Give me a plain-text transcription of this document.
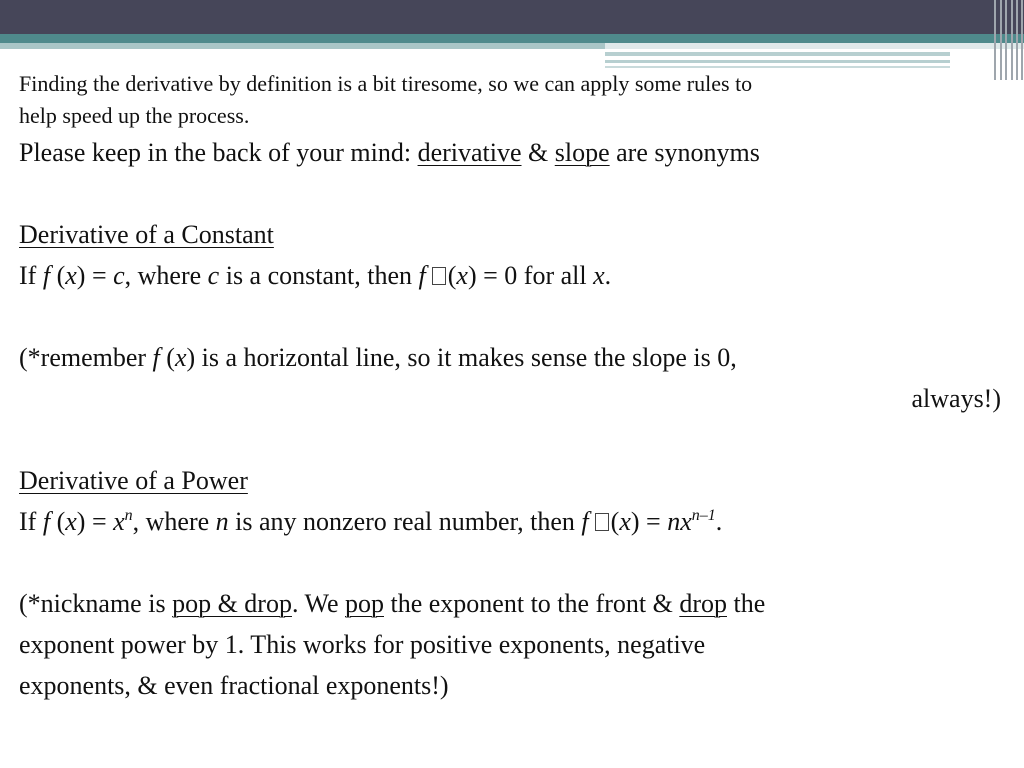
Finding the derivative by definition is a bit tiresome, so we can apply some rules to
help speed up the process.
Please keep in the back of your mind: derivative & slope are synonyms
Derivative of a Constant
If f (x) = c, where c is a constant, then f (x) = 0 for all x.
(*remember f (x) is a horizontal line, so it makes sense the slope is 0,
always!)
Derivative of a Power
If f $(x) = x^n$, where n is any nonzero real number, then f $(x) = nx^{n-1}$.
(*nickname is pop & drop. We pop the exponent to the front & drop the
exponent power by 1. This works for positive exponents, negative
exponents, & even fractional exponents!)
